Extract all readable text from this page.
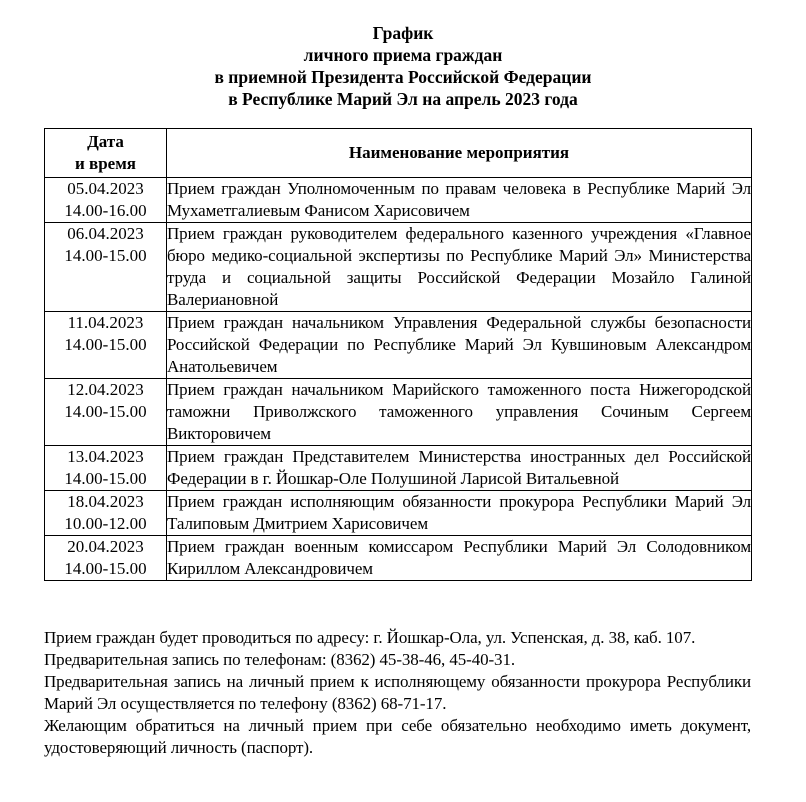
График
личного приема граждан
в приемной Президента Российской Федерации
в Республике Марий Эл на апрель 2023 года
Дата
и время	Наименование мероприятия

05.04.2023
14.00-16.00	Прием граждан Уполномоченным по правам человека в Республике Марий Эл Мухаметгалиевым Фанисом Харисовичем

06.04.2023
14.00-15.00	Прием граждан руководителем федерального казенного учреждения «Главное бюро медико-социальной экспертизы по Республике Марий Эл» Министерства труда и социальной защиты Российской Федерации Мозайло Галиной Валериановной

11.04.2023
14.00-15.00	Прием граждан начальником Управления Федеральной службы безопасности Российской Федерации по Республике Марий Эл Кувшиновым Александром Анатольевичем

12.04.2023
14.00-15.00	Прием граждан начальником Марийского таможенного поста Нижегородской таможни Приволжского таможенного управления Сочиным Сергеем Викторовичем

13.04.2023
14.00-15.00	Прием граждан Представителем Министерства иностранных дел Российской Федерации в г. Йошкар-Оле Полушиной Ларисой Витальевной

18.04.2023
10.00-12.00	Прием граждан исполняющим обязанности прокурора Республики Марий Эл Талиповым Дмитрием Харисовичем

20.04.2023
14.00-15.00	Прием граждан военным комиссаром Республики Марий Эл Солодовником Кириллом Александровичем

Прием граждан будет проводиться по адресу: г. Йошкар-Ола, ул. Успенская, д. 38, каб. 107.

Предварительная запись по телефонам: (8362) 45-38-46, 45-40-31.

Предварительная запись на личный прием к исполняющему обязанности прокурора Республики Марий Эл осуществляется по телефону (8362) 68-71-17.

Желающим обратиться на личный прием при себе обязательно необходимо иметь документ, удостоверяющий личность (паспорт).
